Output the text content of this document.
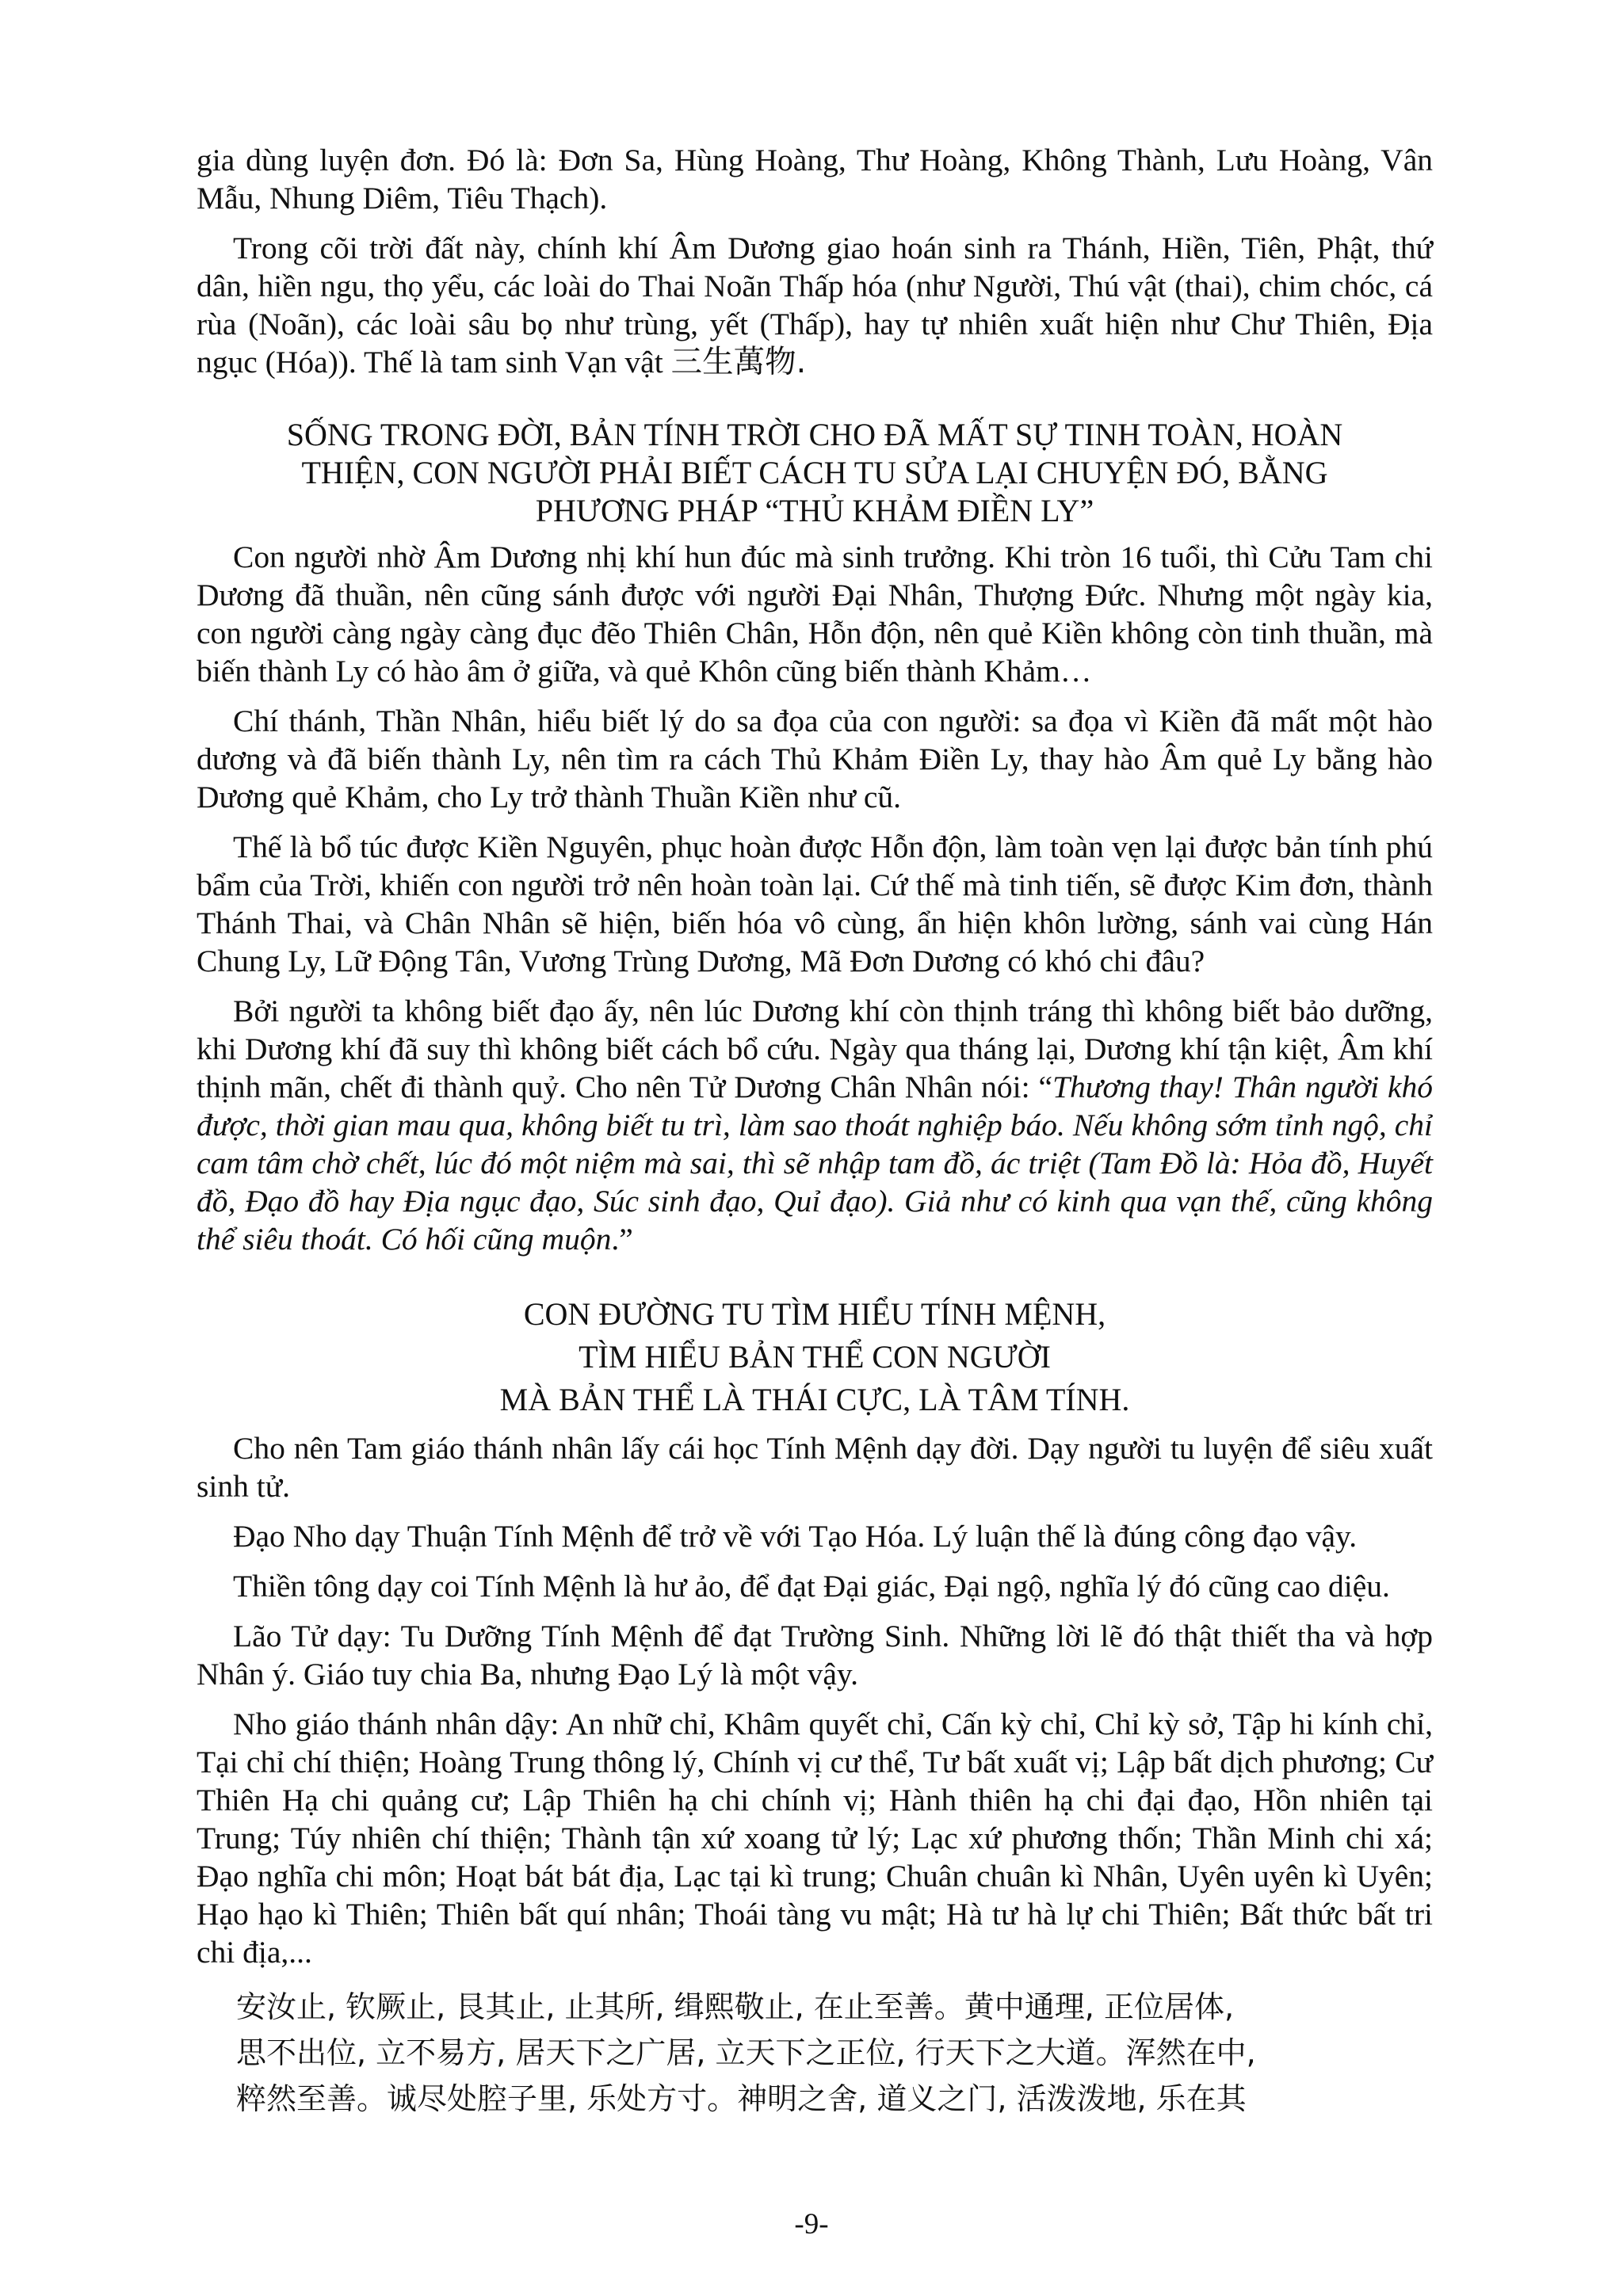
gia dùng luyện đơn. Đó là: Đơn Sa, Hùng Hoàng, Thư Hoàng, Không Thành, Lưu Hoàng, Vân Mẫu, Nhung Diêm, Tiêu Thạch).

Trong cõi trời đất này, chính khí Âm Dương giao hoán sinh ra Thánh, Hiền, Tiên, Phật, thứ dân, hiền ngu, thọ yểu, các loài do Thai Noãn Thấp hóa (như Người, Thú vật (thai), chim chóc, cá rùa (Noãn), các loài sâu bọ như trùng, yết (Thấp), hay tự nhiên xuất hiện như Chư Thiên, Địa ngục (Hóa)). Thế là tam sinh Vạn vật 三生萬物.

SỐNG TRONG ĐỜI, BẢN TÍNH TRỜI CHO ĐÃ MẤT SỰ TINH TOÀN, HOÀN
THIỆN, CON NGƯỜI PHẢI BIẾT CÁCH TU SỬA LẠI CHUYỆN ĐÓ, BẰNG
PHƯƠNG PHÁP “THỦ KHẢM ĐIỀN LY”

Con người nhờ Âm Dương nhị khí hun đúc mà sinh trưởng. Khi tròn 16 tuổi, thì Cửu Tam chi Dương đã thuần, nên cũng sánh được với người Đại Nhân, Thượng Đức. Nhưng một ngày kia, con người càng ngày càng đục đẽo Thiên Chân, Hỗn độn, nên quẻ Kiền không còn tinh thuần, mà biến thành Ly có hào âm ở giữa, và quẻ Khôn cũng biến thành Khảm…

Chí thánh, Thần Nhân, hiểu biết lý do sa đọa của con người: sa đọa vì Kiền đã mất một hào dương và đã biến thành Ly, nên tìm ra cách Thủ Khảm Điền Ly, thay hào Âm quẻ Ly bằng hào Dương quẻ Khảm, cho Ly trở thành Thuần Kiền như cũ.

Thế là bổ túc được Kiền Nguyên, phục hoàn được Hỗn độn, làm toàn vẹn lại được bản tính phú bẩm của Trời, khiến con người trở nên hoàn toàn lại. Cứ thế mà tinh tiến, sẽ được Kim đơn, thành Thánh Thai, và Chân Nhân sẽ hiện, biến hóa vô cùng, ẩn hiện khôn lường, sánh vai cùng Hán Chung Ly, Lữ Động Tân, Vương Trùng Dương, Mã Đơn Dương có khó chi đâu?

Bởi người ta không biết đạo ấy, nên lúc Dương khí còn thịnh tráng thì không biết bảo dưỡng, khi Dương khí đã suy thì không biết cách bổ cứu. Ngày qua tháng lại, Dương khí tận kiệt, Âm khí thịnh mãn, chết đi thành quỷ. Cho nên Tử Dương Chân Nhân nói: “Thương thay! Thân người khó được, thời gian mau qua, không biết tu trì, làm sao thoát nghiệp báo. Nếu không sớm tỉnh ngộ, chỉ cam tâm chờ chết, lúc đó một niệm mà sai, thì sẽ nhập tam đồ, ác triệt (Tam Đồ là: Hỏa đồ, Huyết đồ, Đạo đồ hay Địa ngục đạo, Súc sinh đạo, Quỉ đạo). Giả như có kinh qua vạn thế, cũng không thể siêu thoát. Có hối cũng muộn.”

CON ĐƯỜNG TU TÌM HIỂU TÍNH MỆNH,
TÌM HIỂU BẢN THỂ CON NGƯỜI
MÀ BẢN THỂ LÀ THÁI CỰC, LÀ TÂM TÍNH.

Cho nên Tam giáo thánh nhân lấy cái học Tính Mệnh dạy đời. Dạy người tu luyện để siêu xuất sinh tử.

Đạo Nho dạy Thuận Tính Mệnh để trở về với Tạo Hóa. Lý luận thế là đúng công đạo vậy.

Thiền tông dạy coi Tính Mệnh là hư ảo, để đạt Đại giác, Đại ngộ, nghĩa lý đó cũng cao diệu.

Lão Tử dạy: Tu Dưỡng Tính Mệnh để đạt Trường Sinh. Những lời lẽ đó thật thiết tha và hợp Nhân ý. Giáo tuy chia Ba, nhưng Đạo Lý là một vậy.

Nho giáo thánh nhân dậy: An nhữ chỉ, Khâm quyết chỉ, Cấn kỳ chỉ, Chỉ kỳ sở, Tập hi kính chỉ, Tại chỉ chí thiện; Hoàng Trung thông lý, Chính vị cư thể, Tư bất xuất vị; Lập bất dịch phương; Cư Thiên Hạ chi quảng cư; Lập Thiên hạ chi chính vị; Hành thiên hạ chi đại đạo, Hồn nhiên tại Trung; Túy nhiên chí thiện; Thành tận xứ xoang tử lý; Lạc xứ phương thốn; Thần Minh chi xá; Đạo nghĩa chi môn; Hoạt bát bát địa, Lạc tại kì trung; Chuân chuân kì Nhân, Uyên uyên kì Uyên; Hạo hạo kì Thiên; Thiên bất quí nhân; Thoái tàng vu mật; Hà tư hà lự chi Thiên; Bất thức bất tri chi địa,...

安汝止, 钦厥止, 艮其止, 止其所, 缉熙敬止, 在止至善。黄中通理, 正位居体,
思不出位, 立不易方, 居天下之广居, 立天下之正位, 行天下之大道。浑然在中,
粹然至善。诚尽处腔子里, 乐处方寸。神明之舍, 道义之门, 活泼泼地, 乐在其
-9-
